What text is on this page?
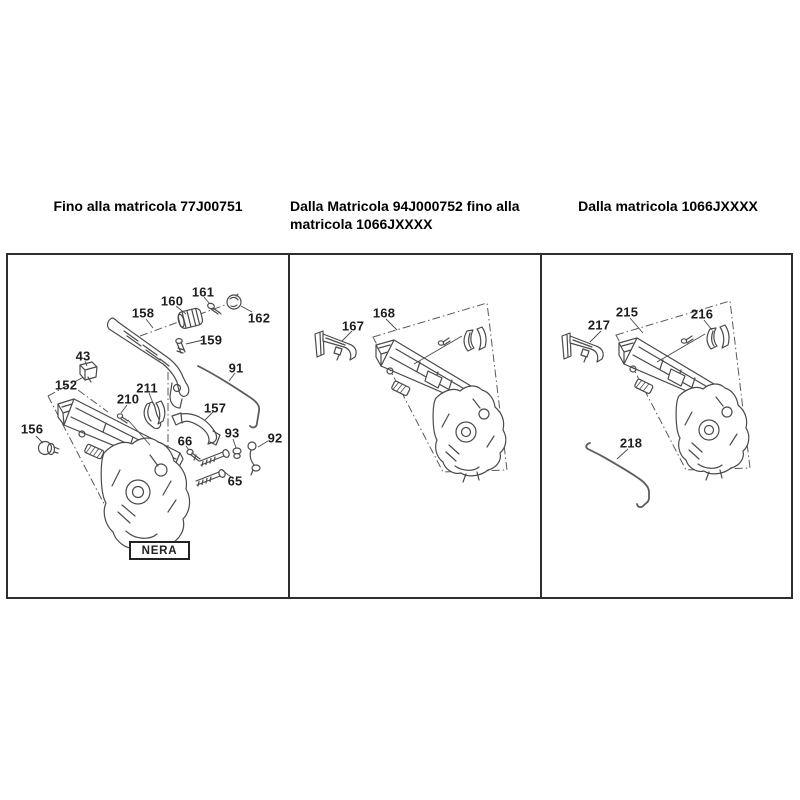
Fino alla matricola 77J00751	Dalla Matricola 94J000752 fino alla matricola 1066JXXXX
Dalla matricola 1066JXXXX
158
160
161
162
159
43
91
152	211
210
157
156	93
66	92
65
167
168	215	216
217
218
NERA
